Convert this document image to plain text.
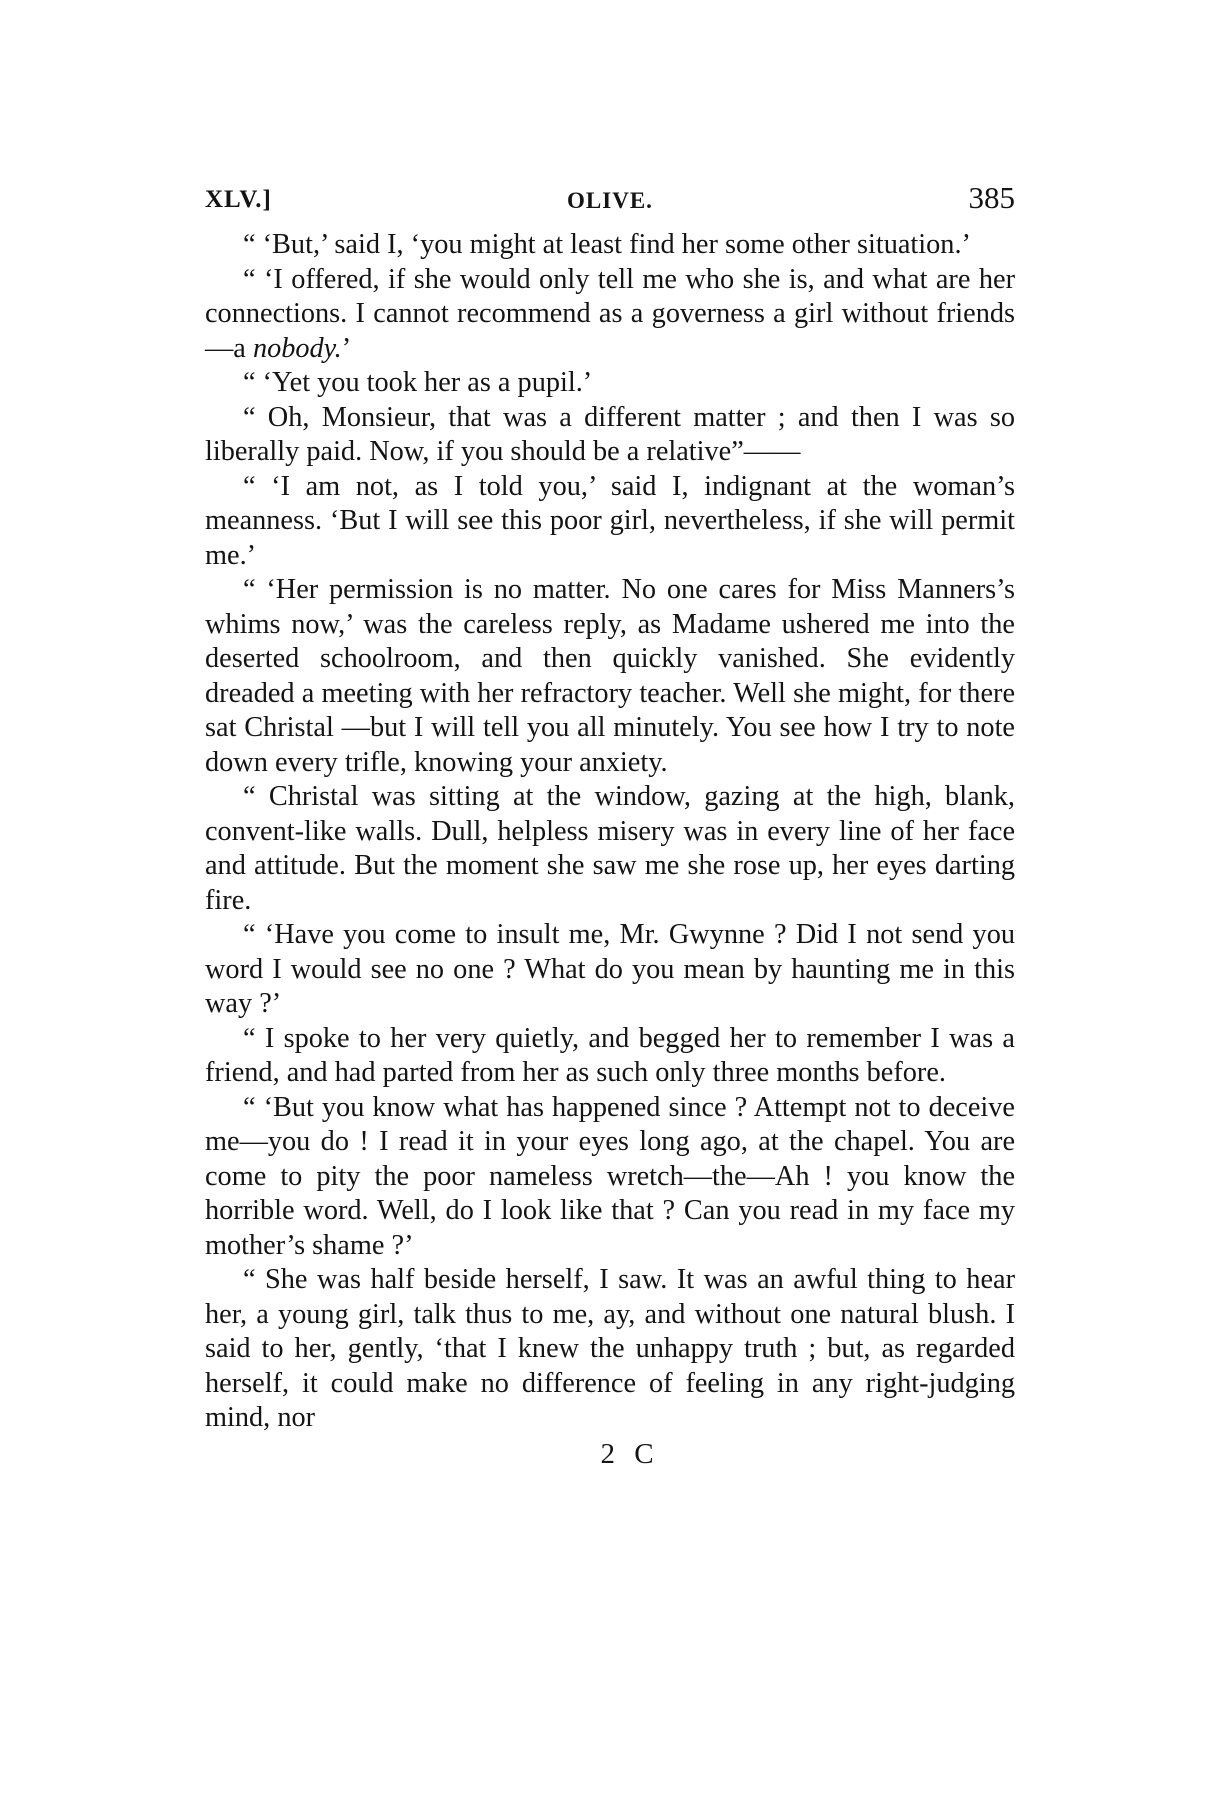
XLV.]	OLIVE.	385

“ ‘But,’ said I, ‘you might at least find her some other situation.’

“ ‘I offered, if she would only tell me who she is, and what are her connections. I cannot recommend as a governess a girl without friends—a nobody.’

“ ‘Yet you took her as a pupil.’

“ Oh, Monsieur, that was a different matter ; and then I was so liberally paid. Now, if you should be a relative”——

“ ‘I am not, as I told you,’ said I, indignant at the woman’s meanness. ‘But I will see this poor girl, nevertheless, if she will permit me.’

“ ‘Her permission is no matter. No one cares for Miss Manners’s whims now,’ was the careless reply, as Madame ushered me into the deserted schoolroom, and then quickly vanished. She evidently dreaded a meeting with her refractory teacher. Well she might, for there sat Christal —but I will tell you all minutely. You see how I try to note down every trifle, knowing your anxiety.

“ Christal was sitting at the window, gazing at the high, blank, convent-like walls. Dull, helpless misery was in every line of her face and attitude. But the moment she saw me she rose up, her eyes darting fire.

“ ‘Have you come to insult me, Mr. Gwynne ? Did I not send you word I would see no one ? What do you mean by haunting me in this way ?’

“ I spoke to her very quietly, and begged her to remember I was a friend, and had parted from her as such only three months before.

“ ‘But you know what has happened since ? Attempt not to deceive me—you do ! I read it in your eyes long ago, at the chapel. You are come to pity the poor nameless wretch—the—Ah ! you know the horrible word. Well, do I look like that ? Can you read in my face my mother’s shame ?’

“ She was half beside herself, I saw. It was an awful thing to hear her, a young girl, talk thus to me, ay, and without one natural blush. I said to her, gently, ‘that I knew the unhappy truth ; but, as regarded herself, it could make no difference of feeling in any right-judging mind, nor

2 C
